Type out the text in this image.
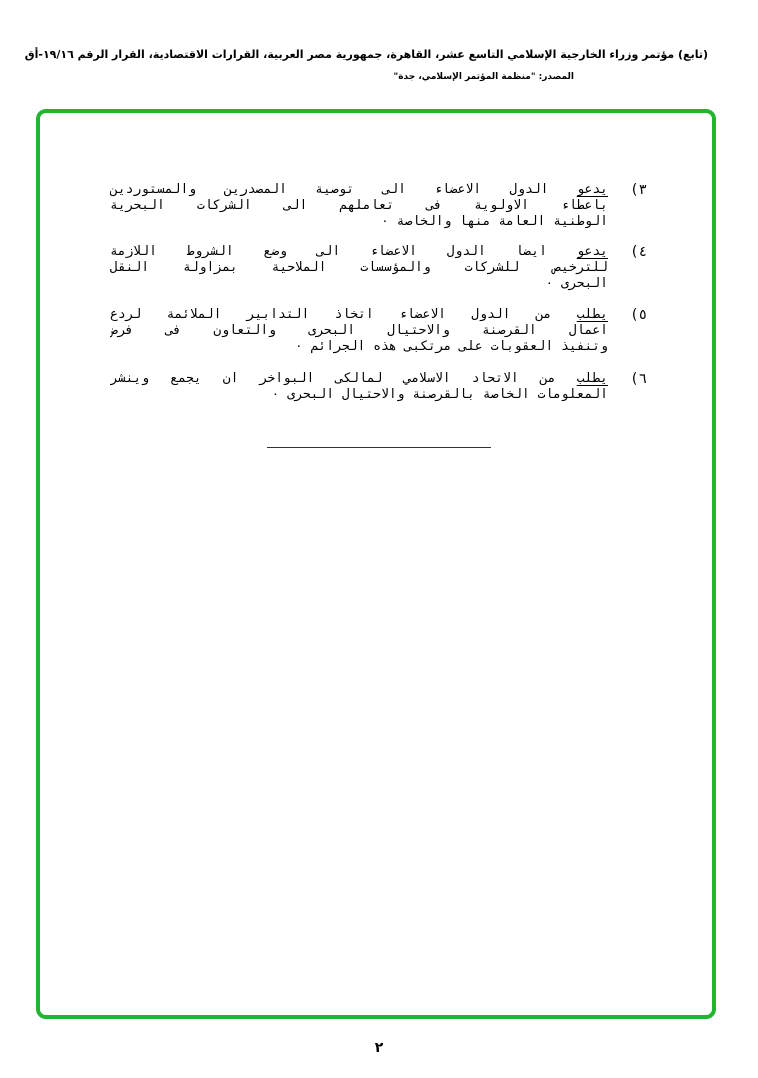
(تابع) مؤتمر وزراء الخارجية الإسلامي التاسع عشر، القاهرة، جمهورية مصر العربية، القرارات الاقتصادية، القرار الرقم ١٩/١٦-أق
المصدر: "منظمة المؤتمر الإسلامي، جدة"
٣)
يدعو الدول الاعضاء الى توصية المصدرين والمستوردين
باعطاء الاولوية فى تعاملهم الى الشركات البحرية
الوطنية العامة منها والخاصة ٠
٤)
يدعو ايضا الدول الاعضاء الى وضع الشروط اللازمة
للترخيص للشركات والمؤسسات الملاحية بمزاولة النقل
البحرى ٠
٥)
يطلب من الدول الاعضاء اتخاذ التدابير الملائمة لردع
اعمال القرصنة والاحتيال البحرى والتعاون فى فرض
وتنفيذ العقوبات على مرتكبى هذه الجرائم ٠
٦)
يطلب من الاتحاد الاسلامي لمالكى البواخر ان يجمع وينشر
المعلومات الخاصة بالقرصنة والاحتيال البحرى ٠
٢
